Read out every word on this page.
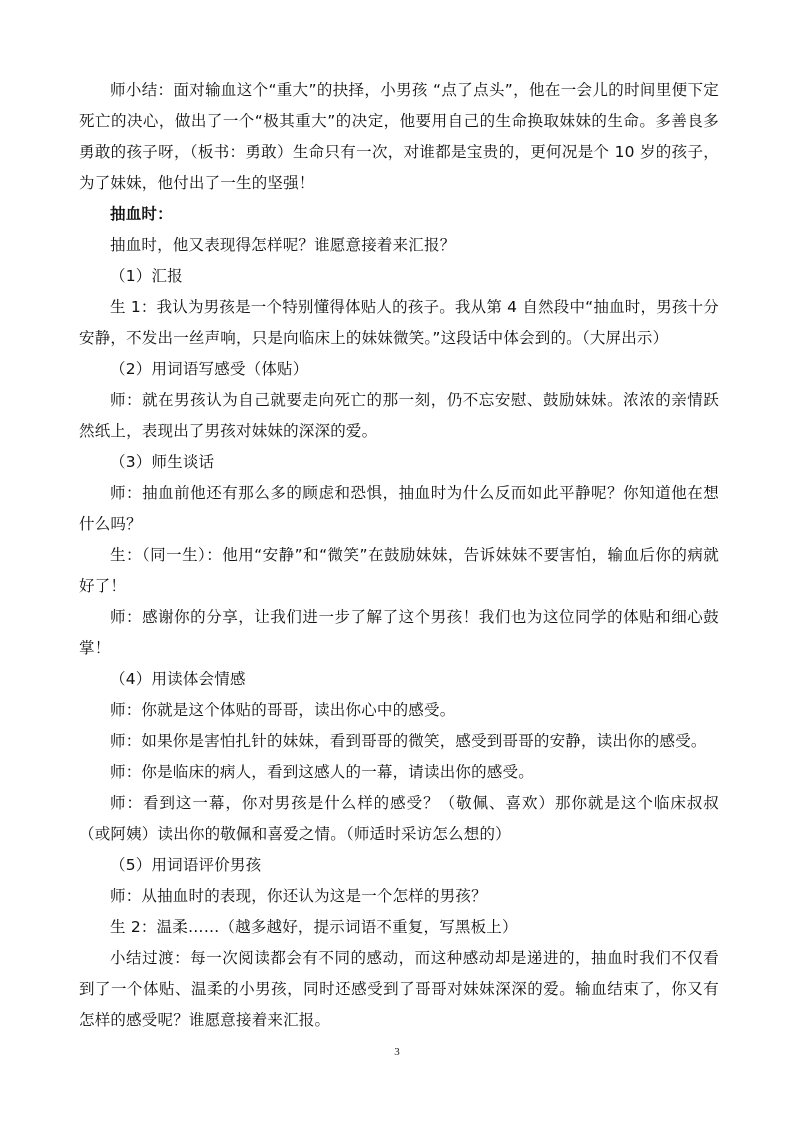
师小结：面对输血这个“重大”的抉择，小男孩 “点了点头”，他在一会儿的时间里便下定死亡的决心，做出了一个“极其重大”的决定，他要用自己的生命换取妹妹的生命。多善良多勇敢的孩子呀，（板书：勇敢）生命只有一次，对谁都是宝贵的，更何况是个 10 岁的孩子，为了妹妹，他付出了一生的坚强！

抽血时：

抽血时，他又表现得怎样呢？谁愿意接着来汇报？

（1）汇报

生 1：我认为男孩是一个特别懂得体贴人的孩子。我从第 4 自然段中“抽血时，男孩十分安静，不发出一丝声响，只是向临床上的妹妹微笑。”这段话中体会到的。（大屏出示）

（2）用词语写感受（体贴）

师：就在男孩认为自己就要走向死亡的那一刻，仍不忘安慰、鼓励妹妹。浓浓的亲情跃然纸上，表现出了男孩对妹妹的深深的爱。

（3）师生谈话

师：抽血前他还有那么多的顾虑和恐惧，抽血时为什么反而如此平静呢？你知道他在想什么吗？

生：（同一生）：他用“安静”和“微笑”在鼓励妹妹，告诉妹妹不要害怕，输血后你的病就好了！

师：感谢你的分享，让我们进一步了解了这个男孩！我们也为这位同学的体贴和细心鼓掌！

（4）用读体会情感

师：你就是这个体贴的哥哥，读出你心中的感受。

师：如果你是害怕扎针的妹妹，看到哥哥的微笑，感受到哥哥的安静，读出你的感受。

师：你是临床的病人，看到这感人的一幕，请读出你的感受。

师：看到这一幕，你对男孩是什么样的感受？（敬佩、喜欢）那你就是这个临床叔叔（或阿姨）读出你的敬佩和喜爱之情。（师适时采访怎么想的）

（5）用词语评价男孩

师：从抽血时的表现，你还认为这是一个怎样的男孩？

生 2：温柔……（越多越好，提示词语不重复，写黑板上）

小结过渡：每一次阅读都会有不同的感动，而这种感动却是递进的，抽血时我们不仅看到了一个体贴、温柔的小男孩，同时还感受到了哥哥对妹妹深深的爱。输血结束了，你又有怎样的感受呢？谁愿意接着来汇报。

3
